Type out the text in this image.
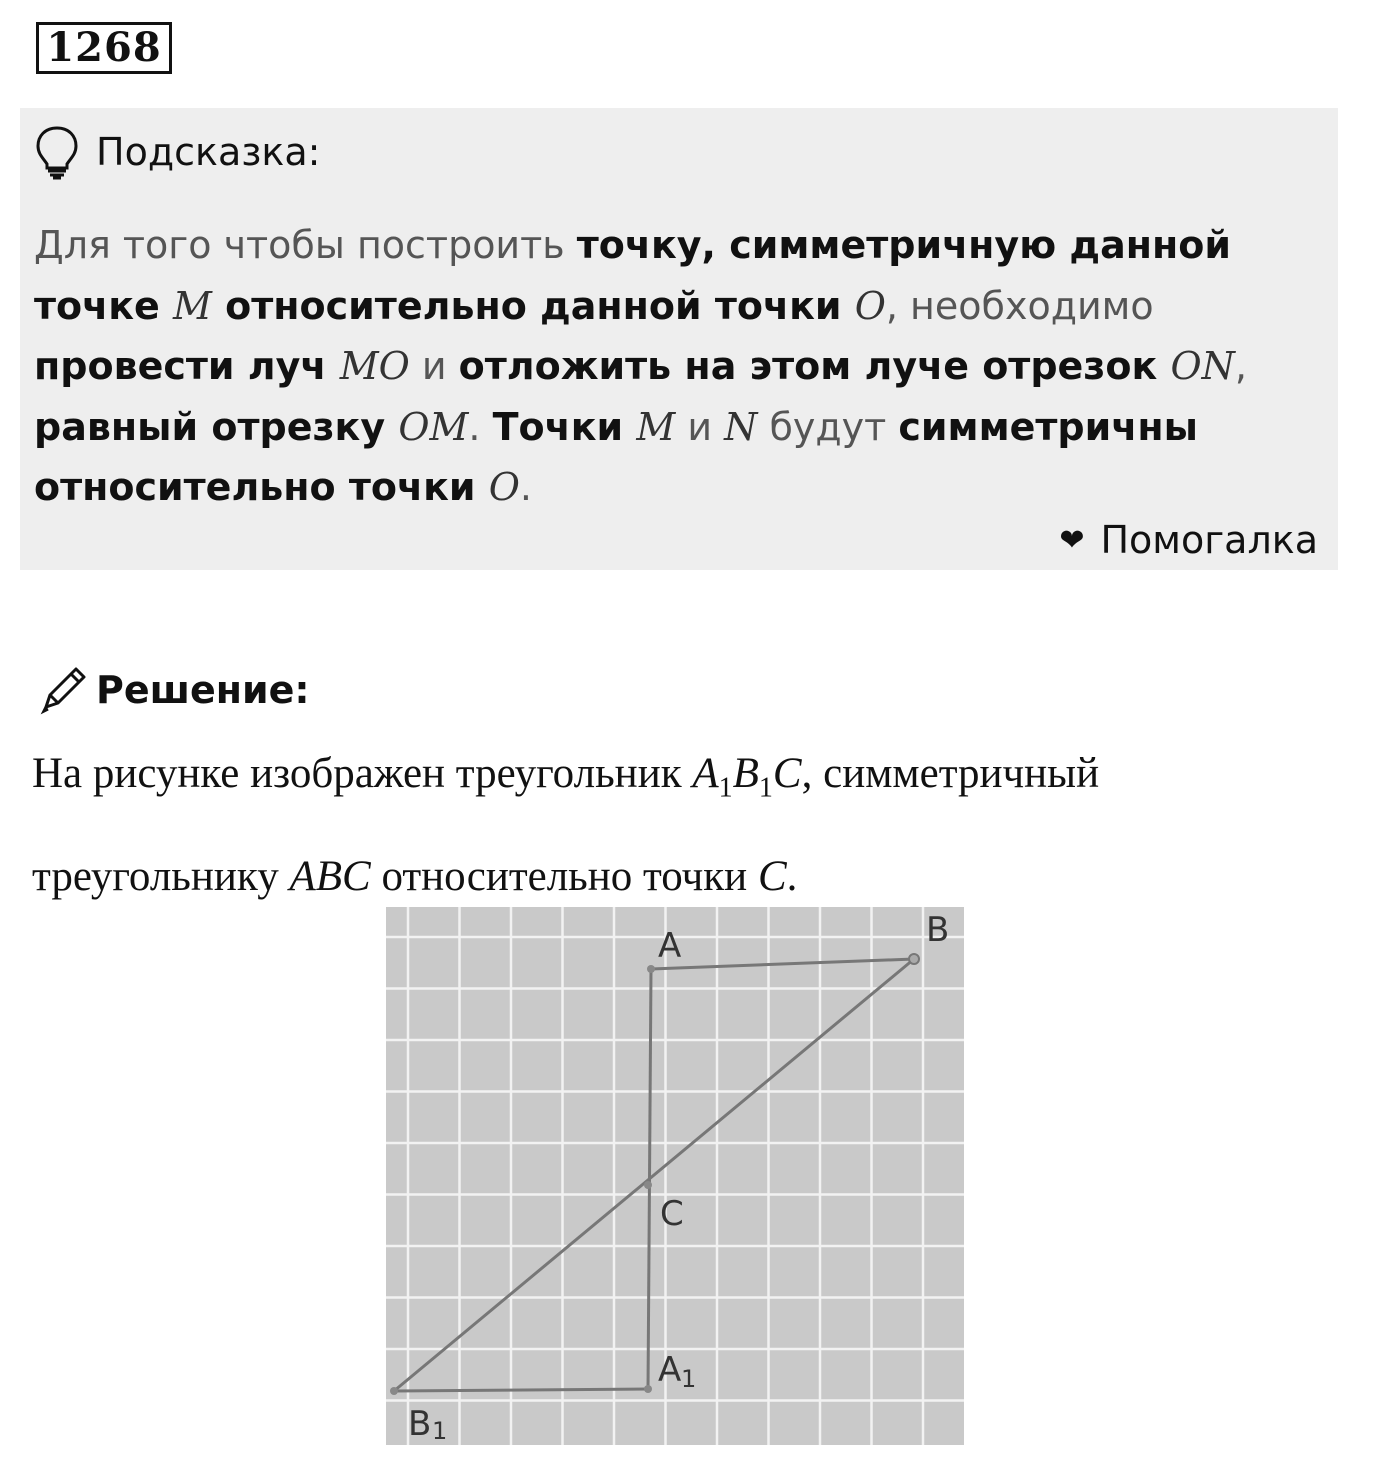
1268
Подсказка:
Для того чтобы построить точку, симметричную данной точке M относительно данной точки O, необходимо провести луч MO и отложить на этом луче отрезок ON, равный отрезку OM. Точки M и N будут симметричны относительно точки O.
❤ Помогалка
Решение:
На рисунке изображен треугольник $A_1B_1C$, симметричный
треугольнику ABC относительно точки C.
A	B
C
A 1
B 1
